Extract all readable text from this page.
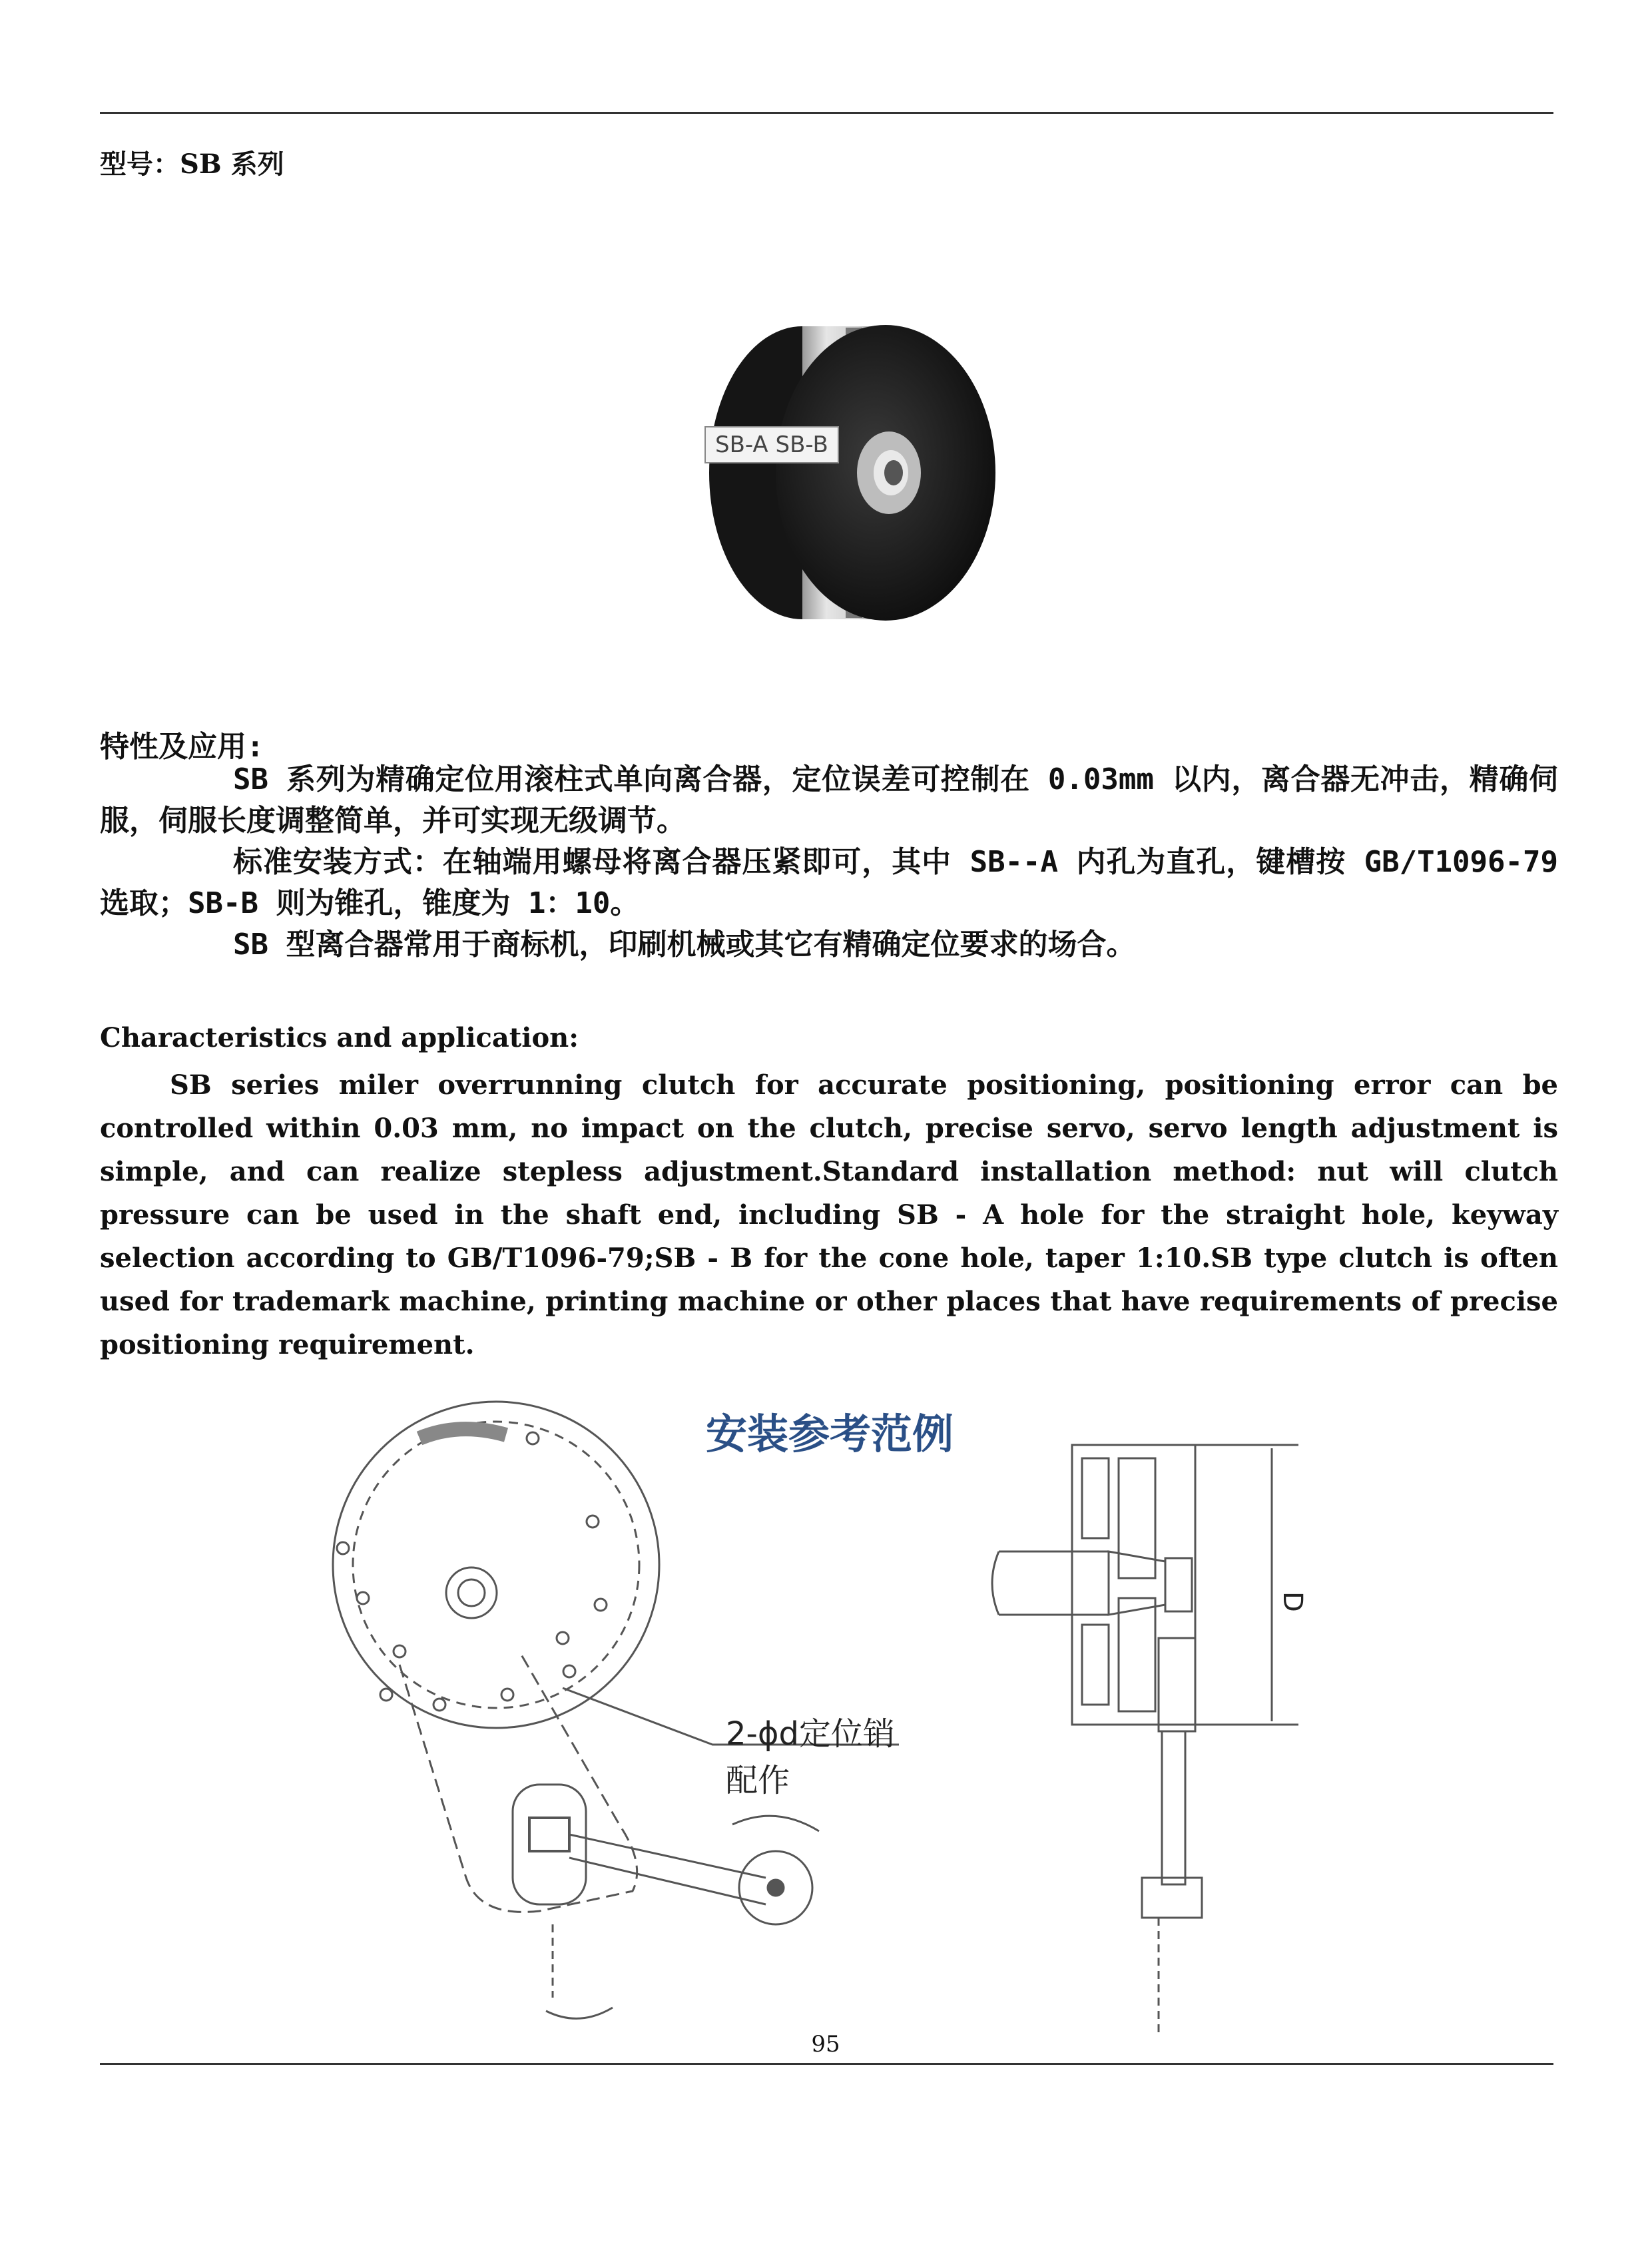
型号：SB 系列
SB-A SB-B
特性及应用:

SB 系列为精确定位用滚柱式单向离合器，定位误差可控制在 0.03mm 以内，离合器无冲击，精确伺服，伺服长度调整简单，并可实现无级调节。

标准安装方式：在轴端用螺母将离合器压紧即可，其中 SB--A 内孔为直孔，键槽按 GB/T1096-79 选取；SB-B 则为锥孔，锥度为 1：10。

SB 型离合器常用于商标机，印刷机械或其它有精确定位要求的场合。

Characteristics and application:

SB series miler overrunning clutch for accurate positioning, positioning error can be controlled within 0.03 mm, no impact on the clutch, precise servo, servo length adjustment is simple, and can realize stepless adjustment.Standard installation method: nut will clutch pressure can be used in the shaft end, including SB - A hole for the straight hole, keyway selection according to GB/T1096-79;SB - B for the cone hole, taper 1:10.SB type clutch is often used for trademark machine, printing machine or other places that have requirements of precise positioning requirement.

安装参考范例
2-ϕd定位销
配作
D
95
